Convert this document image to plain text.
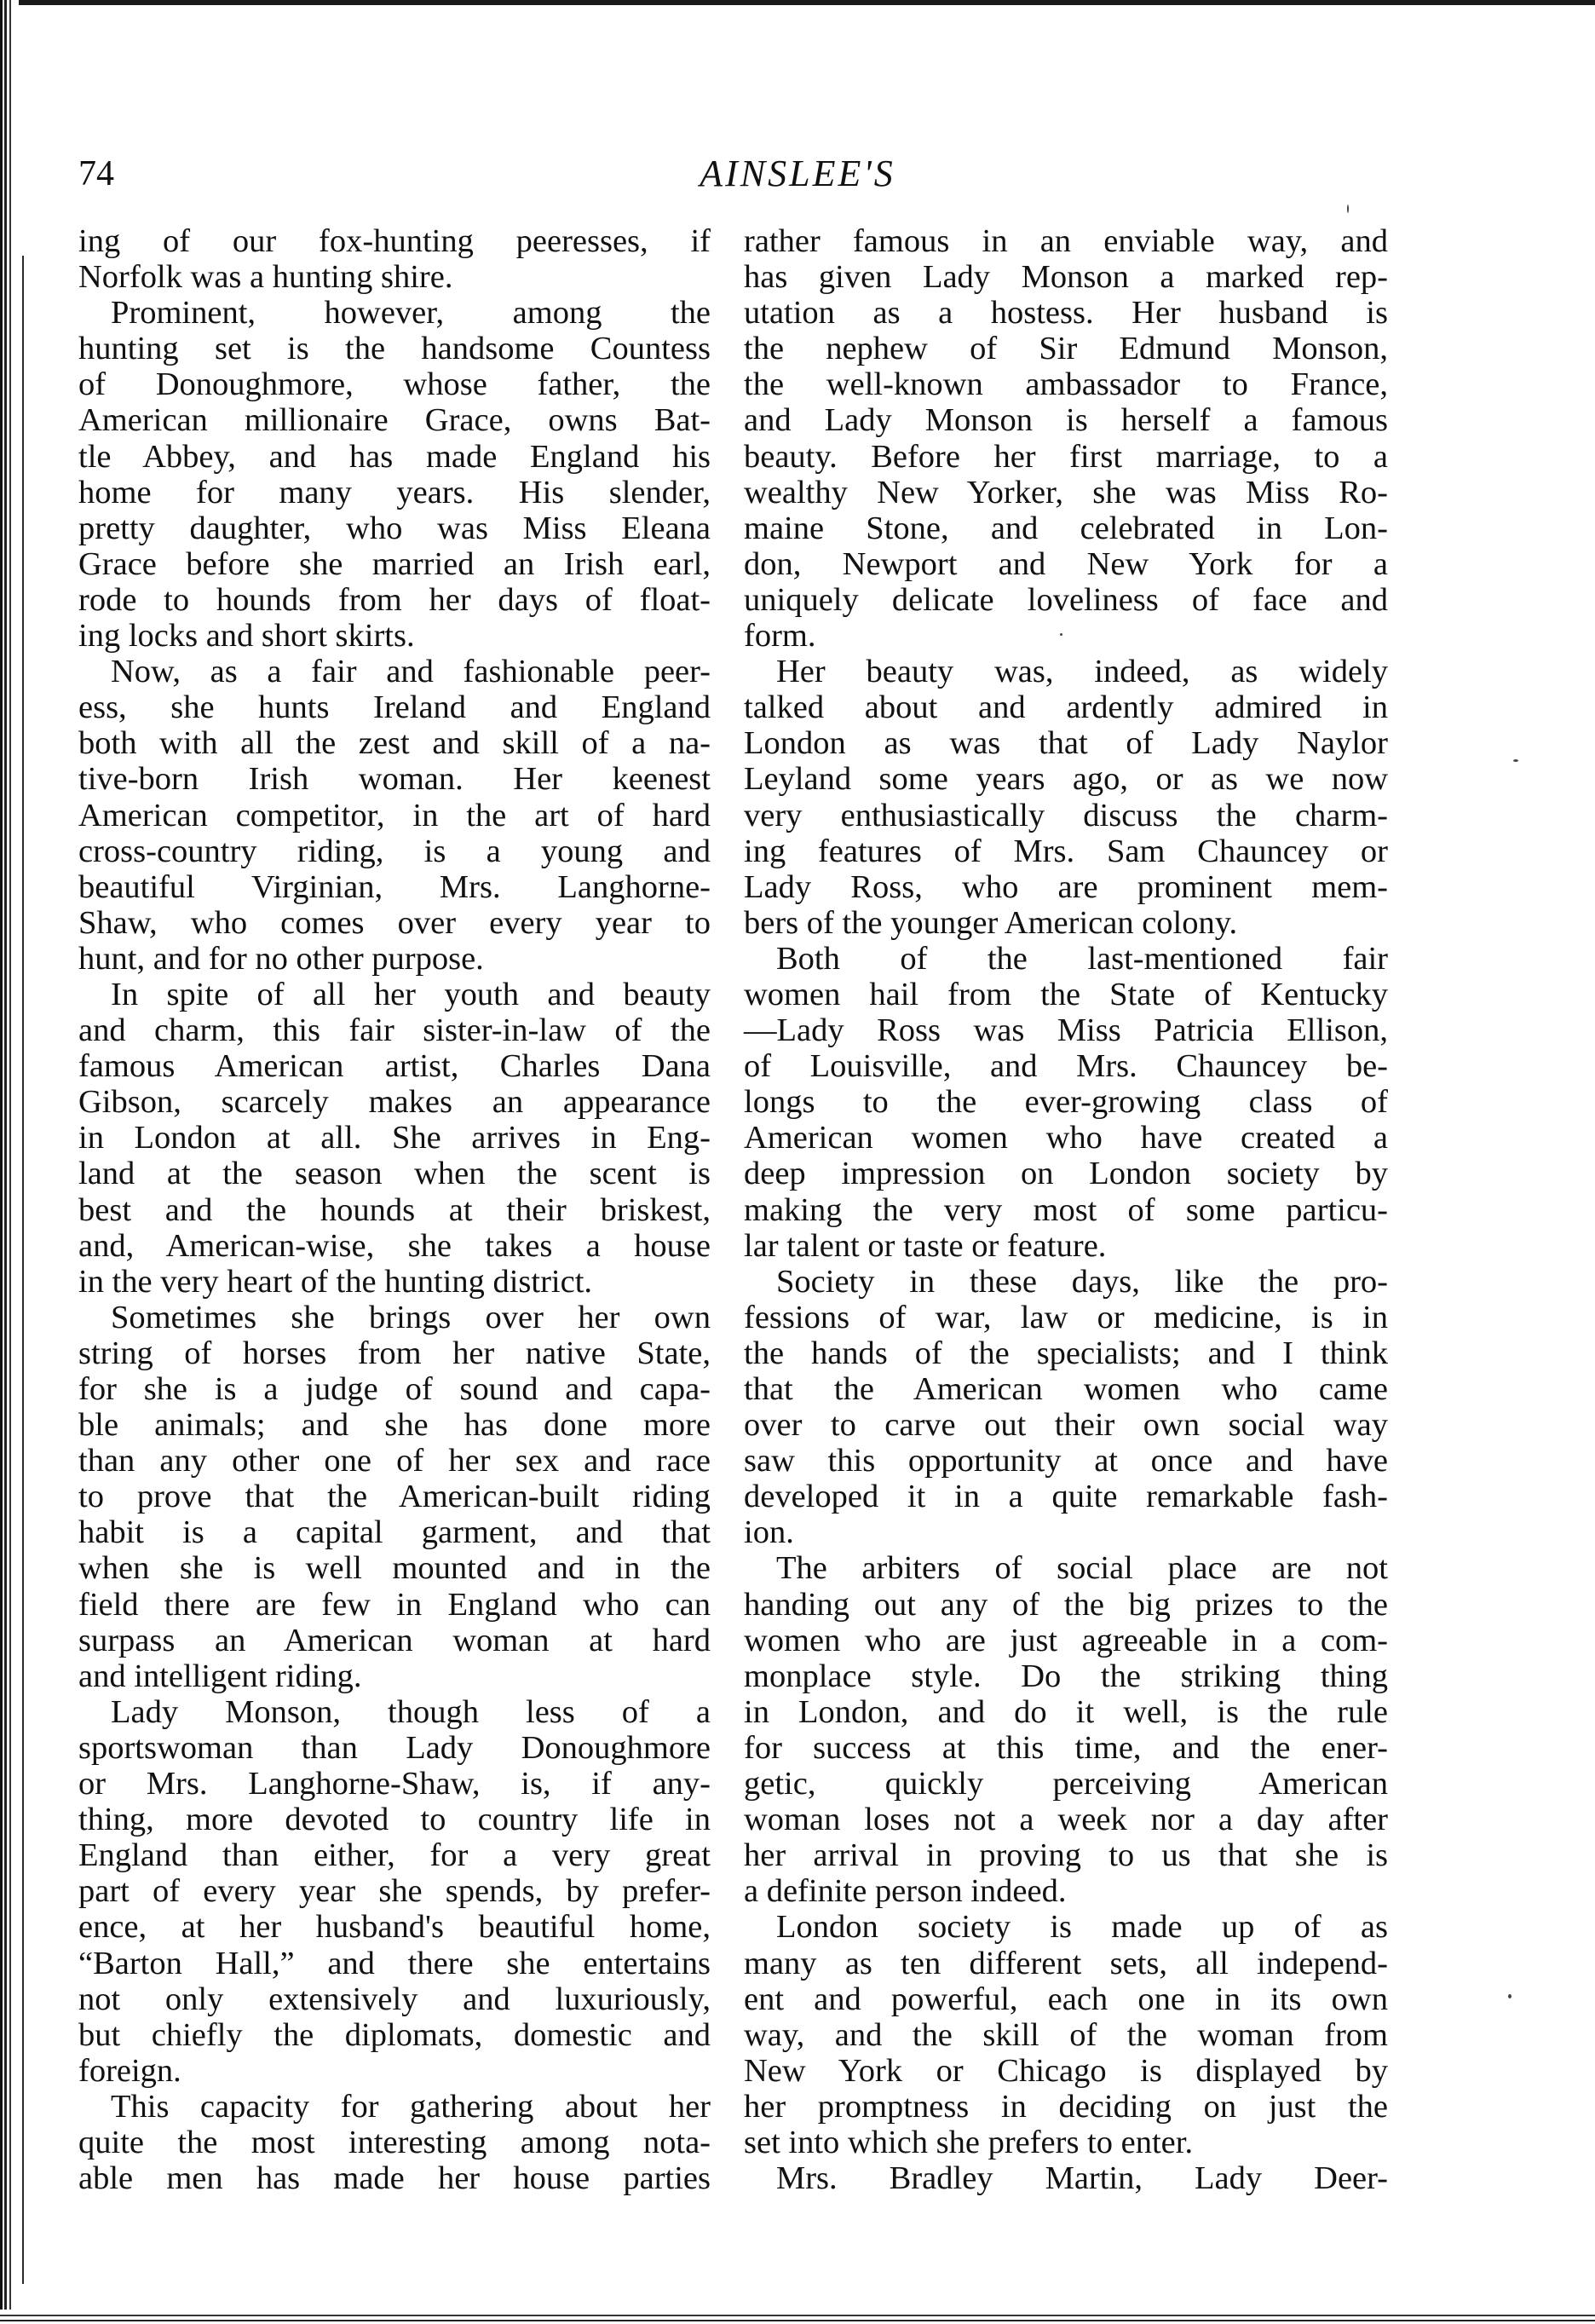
74	AINSLEE'S
ing of our fox-hunting peeresses, if
Norfolk was a hunting shire.
Prominent, however, among the
hunting set is the handsome Countess
of Donoughmore, whose father, the
American millionaire Grace, owns Bat-
tle Abbey, and has made England his
home for many years. His slender,
pretty daughter, who was Miss Eleana
Grace before she married an Irish earl,
rode to hounds from her days of float-
ing locks and short skirts.
Now, as a fair and fashionable peer-
ess, she hunts Ireland and England
both with all the zest and skill of a na-
tive-born Irish woman. Her keenest
American competitor, in the art of hard
cross-country riding, is a young and
beautiful Virginian, Mrs. Langhorne-
Shaw, who comes over every year to
hunt, and for no other purpose.
In spite of all her youth and beauty
and charm, this fair sister-in-law of the
famous American artist, Charles Dana
Gibson, scarcely makes an appearance
in London at all. She arrives in Eng-
land at the season when the scent is
best and the hounds at their briskest,
and, American-wise, she takes a house
in the very heart of the hunting district.
Sometimes she brings over her own
string of horses from her native State,
for she is a judge of sound and capa-
ble animals; and she has done more
than any other one of her sex and race
to prove that the American-built riding
habit is a capital garment, and that
when she is well mounted and in the
field there are few in England who can
surpass an American woman at hard
and intelligent riding.
Lady Monson, though less of a
sportswoman than Lady Donoughmore
or Mrs. Langhorne-Shaw, is, if any-
thing, more devoted to country life in
England than either, for a very great
part of every year she spends, by prefer-
ence, at her husband's beautiful home,
“Barton Hall,” and there she entertains
not only extensively and luxuriously,
but chiefly the diplomats, domestic and
foreign.
This capacity for gathering about her
quite the most interesting among nota-
able men has made her house parties
rather famous in an enviable way, and
has given Lady Monson a marked rep-
utation as a hostess. Her husband is
the nephew of Sir Edmund Monson,
the well-known ambassador to France,
and Lady Monson is herself a famous
beauty. Before her first marriage, to a
wealthy New Yorker, she was Miss Ro-
maine Stone, and celebrated in Lon-
don, Newport and New York for a
uniquely delicate loveliness of face and
form.
Her beauty was, indeed, as widely
talked about and ardently admired in
London as was that of Lady Naylor
Leyland some years ago, or as we now
very enthusiastically discuss the charm-
ing features of Mrs. Sam Chauncey or
Lady Ross, who are prominent mem-
bers of the younger American colony.
Both of the last-mentioned fair
women hail from the State of Kentucky
—Lady Ross was Miss Patricia Ellison,
of Louisville, and Mrs. Chauncey be-
longs to the ever-growing class of
American women who have created a
deep impression on London society by
making the very most of some particu-
lar talent or taste or feature.
Society in these days, like the pro-
fessions of war, law or medicine, is in
the hands of the specialists; and I think
that the American women who came
over to carve out their own social way
saw this opportunity at once and have
developed it in a quite remarkable fash-
ion.
The arbiters of social place are not
handing out any of the big prizes to the
women who are just agreeable in a com-
monplace style. Do the striking thing
in London, and do it well, is the rule
for success at this time, and the ener-
getic, quickly perceiving American
woman loses not a week nor a day after
her arrival in proving to us that she is
a definite person indeed.
London society is made up of as
many as ten different sets, all independ-
ent and powerful, each one in its own
way, and the skill of the woman from
New York or Chicago is displayed by
her promptness in deciding on just the
set into which she prefers to enter.
Mrs. Bradley Martin, Lady Deer-
